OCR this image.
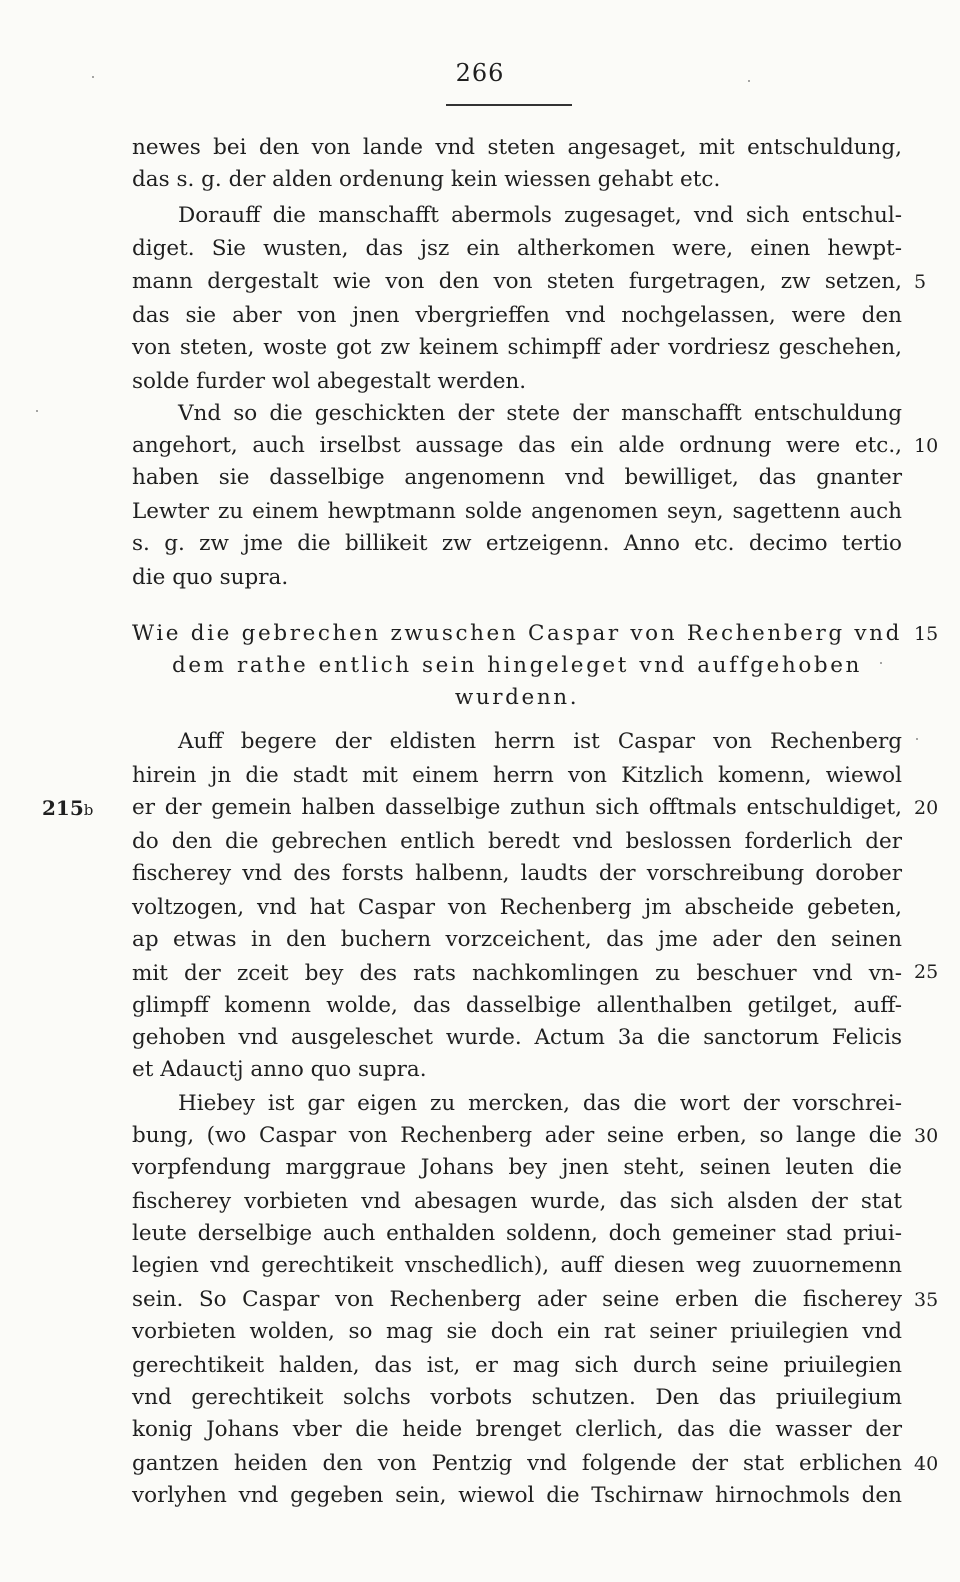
266
newes bei den von lande vnd steten angesaget, mit entschuldung,
das s. g. der alden ordenung kein wiessen gehabt etc.
Dorauff die manschafft abermols zugesaget, vnd sich entschul-
diget. Sie wusten, das jsz ein altherkomen were, einen hewpt-
mann dergestalt wie von den von steten furgetragen, zw setzen,
das sie aber von jnen vbergrieffen vnd nochgelassen, were den
von steten, woste got zw keinem schimpff ader vordriesz geschehen,
solde furder wol abegestalt werden.
Vnd so die geschickten der stete der manschafft entschuldung
angehort, auch irselbst aussage das ein alde ordnung were etc.,
haben sie dasselbige angenomenn vnd bewilliget, das gnanter
Lewter zu einem hewptmann solde angenomen seyn, sagettenn auch
s. g. zw jme die billikeit zw ertzeigenn. Anno etc. decimo tertio
die quo supra.
Wie die gebrechen zwuschen Caspar von Rechenberg vnd
dem rathe entlich sein hingeleget vnd auffgehoben
wurdenn.
Auff begere der eldisten herrn ist Caspar von Rechenberg
hirein jn die stadt mit einem herrn von Kitzlich komenn, wiewol
er der gemein halben dasselbige zuthun sich offtmals entschuldiget,
do den die gebrechen entlich beredt vnd beslossen forderlich der
fischerey vnd des forsts halbenn, laudts der vorschreibung dorober
voltzogen, vnd hat Caspar von Rechenberg jm abscheide gebeten,
ap etwas in den buchern vorzceichent, das jme ader den seinen
mit der zceit bey des rats nachkomlingen zu beschuer vnd vn-
glimpff komenn wolde, das dasselbige allenthalben getilget, auff-
gehoben vnd ausgeleschet wurde. Actum 3a die sanctorum Felicis
et Adauctj anno quo supra.
Hiebey ist gar eigen zu mercken, das die wort der vorschrei-
bung, (wo Caspar von Rechenberg ader seine erben, so lange die
vorpfendung marggraue Johans bey jnen steht, seinen leuten die
fischerey vorbieten vnd abesagen wurde, das sich alsden der stat
leute derselbige auch enthalden soldenn, doch gemeiner stad priui-
legien vnd gerechtikeit vnschedlich), auff diesen weg zuuornemenn
sein. So Caspar von Rechenberg ader seine erben die fischerey
vorbieten wolden, so mag sie doch ein rat seiner priuilegien vnd
gerechtikeit halden, das ist, er mag sich durch seine priuilegien
vnd gerechtikeit solchs vorbots schutzen. Den das priuilegium
konig Johans vber die heide brenget clerlich, das die wasser der
gantzen heiden den von Pentzig vnd folgende der stat erblichen
vorlyhen vnd gegeben sein, wiewol die Tschirnaw hirnochmols den
5
10
15
20
25
30
35
40
215b
